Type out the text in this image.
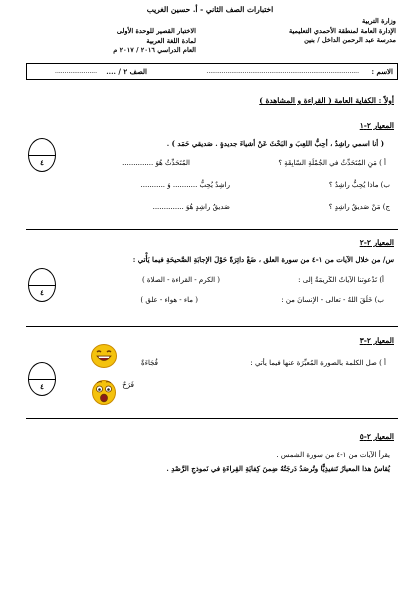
اختبارات الصف الثاني - أ. حسين الغريب
وزارة التربية
الإدارة العامة لمنطقة الأحمدي التعليمية
مدرسة عبد الرحمن الداخل / بنين
الاختبار القصير للوحدة الأولى
لمادة اللغة العربية
العام الدراسي ٢٠١٦ / ٢٠١٧ م
الاسم :
................................................................................
الصف ٢ / ....
......................
أولاً : الكفاية العامة ( القراءة و المشاهدة )
المعيار ٢-١
( أنا اسمي راشِدٌ ، أحِبُّ اللعِبَ و البَحْثَ عَنْ أشياءَ جديدةٍ . صَديقي حَمَد ) .
أ ) مَنِ المُتَحَدِّثُ في الجُمْلَةِ السّابِقَةِ ؟
المُتَحَدِّثُ هُوَ ..............
ب) ماذا يُحِبُّ راشِدٌ ؟
راشِدٌ يُحِبُّ ........... وَ ...........
ج) مَنْ صَديقُ راشِدٍ ؟
صَديقُ راشِدٍ هُوَ ..............
٤
المعيار ٢-٢
س/ من خلال الآيات من ١-٤ من سورة العلق ، ضَعْ دائِرَةً حَوْلَ الإجابَةِ الصَّحيحَةِ فيما يَأْتي :
أ) تَدْعوتنا الآياتُ الكَريمَةُ إلى :
( الكرم - القراءة - الصلاة )
ب) خَلَقَ اللهُ - تعالى - الإنسانَ من :
( ماء - هواء - علق )
٤
المعيار ٢-٣
أ ) صل الكلمة بالصورة المُعبِّرَة عنها فيما يأتي :
فُجَاءَةٌ
فَرَحٌ
٤
المعيار ٢-٥
يقرأ الآيات من ١-٤ من سورة الشمس .
يُقاسُ هذا المعيارُ تَنفيذِيًّا وتُرصَدُ دَرجَتُهُ ضِمنَ كِفايَةِ القِراءَةِ في نَموذجِ الرَّصْدِ .
